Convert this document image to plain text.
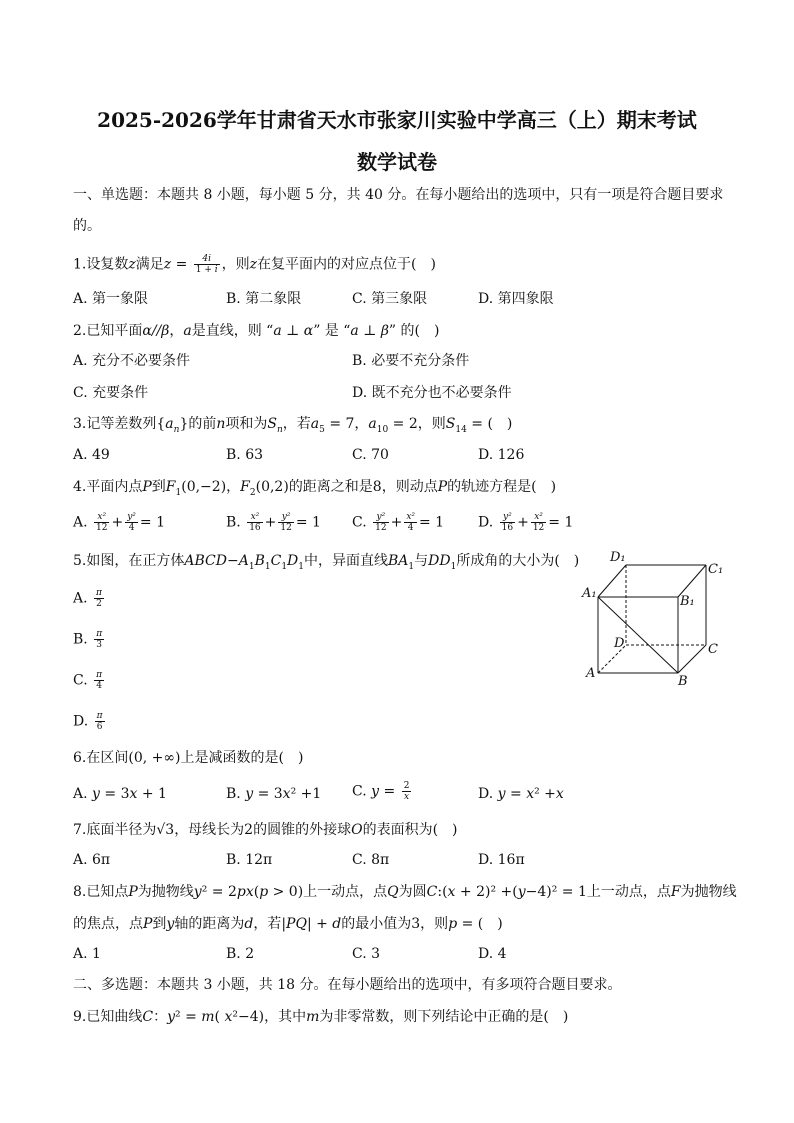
2025-2026学年甘肃省天水市张家川实验中学高三（上）期末考试
数学试卷
一、单选题：本题共 8 小题，每小题 5 分，共 40 分。在每小题给出的选项中，只有一项是符合题目要求
的。
1.设复数z满足$z = \frac{4i}{1 + i}$ ，则z在复平面内的对应点位于(　)
A. 第一象限	B. 第二象限	C. 第三象限	D. 第四象限
2.已知平面α//β，a是直线，则 “a ⊥ α” 是 “a ⊥ β” 的(　)
A. 充分不必要条件	B. 必要不充分条件
C. 充要条件	D. 既不充分也不必要条件
3.记等差数列$\{a_n\}$的前n项和为$S_n$，若$a_5 = 7$，$a_{10} = 2$，则$S_{14}$ = (　)
A. 49	B. 63	C. 70	D. 126
4.平面内点P到$F_1(0,-2)$，$F_2(0,2)$的距离之和是8，则动点P的轨迹方程是(　)
A. $\frac{\text{x²}}{12} + \frac{\text{y²}}{4} = 1$	B. $\frac{\text{x²}}{16} + \frac{\text{y²}}{12} = 1$ C. $\frac{\text{y²}}{12} + \frac{\text{x²}}{4} = 1$ D. $\frac{\text{y²}}{16} + \frac{\text{x²}}{12} = 1$
5.如图，在正方体$ABCD-A_1B_1C_1D_1$中，异面直线$BA_1$与$DD_1$所成角的大小为(　)
A. $\frac{\pi}{2}$
B. $\frac{\pi}{3}$
C. $\frac{\pi}{4}$
D. $\frac{\pi}{6}$
D₁
C₁
A₁
B₁
D	C
A
B
6.在区间(0, +∞)上是减函数的是(　)
A. y = 3x + 1	B. y = 3x² +1 C. $y = \frac{2}{x}$	D. y = x² +x
7.底面半径为√3，母线长为2的圆锥的外接球O的表面积为(　)
A. 6π	B. 12π	C. 8π	D. 16π
8.已知点P为抛物线y² = 2px(p > 0)上一动点，点Q为圆C:(x + 2)² +(y−4)² = 1上一动点，点F为抛物线
的焦点，点P到y轴的距离为d，若|PQ| + d的最小值为3，则p = (　)
A. 1	B. 2	C. 3	D. 4
二、多选题：本题共 3 小题，共 18 分。在每小题给出的选项中，有多项符合题目要求。
9.已知曲线C：y² = m( x²−4)，其中m为非零常数，则下列结论中正确的是(　)
